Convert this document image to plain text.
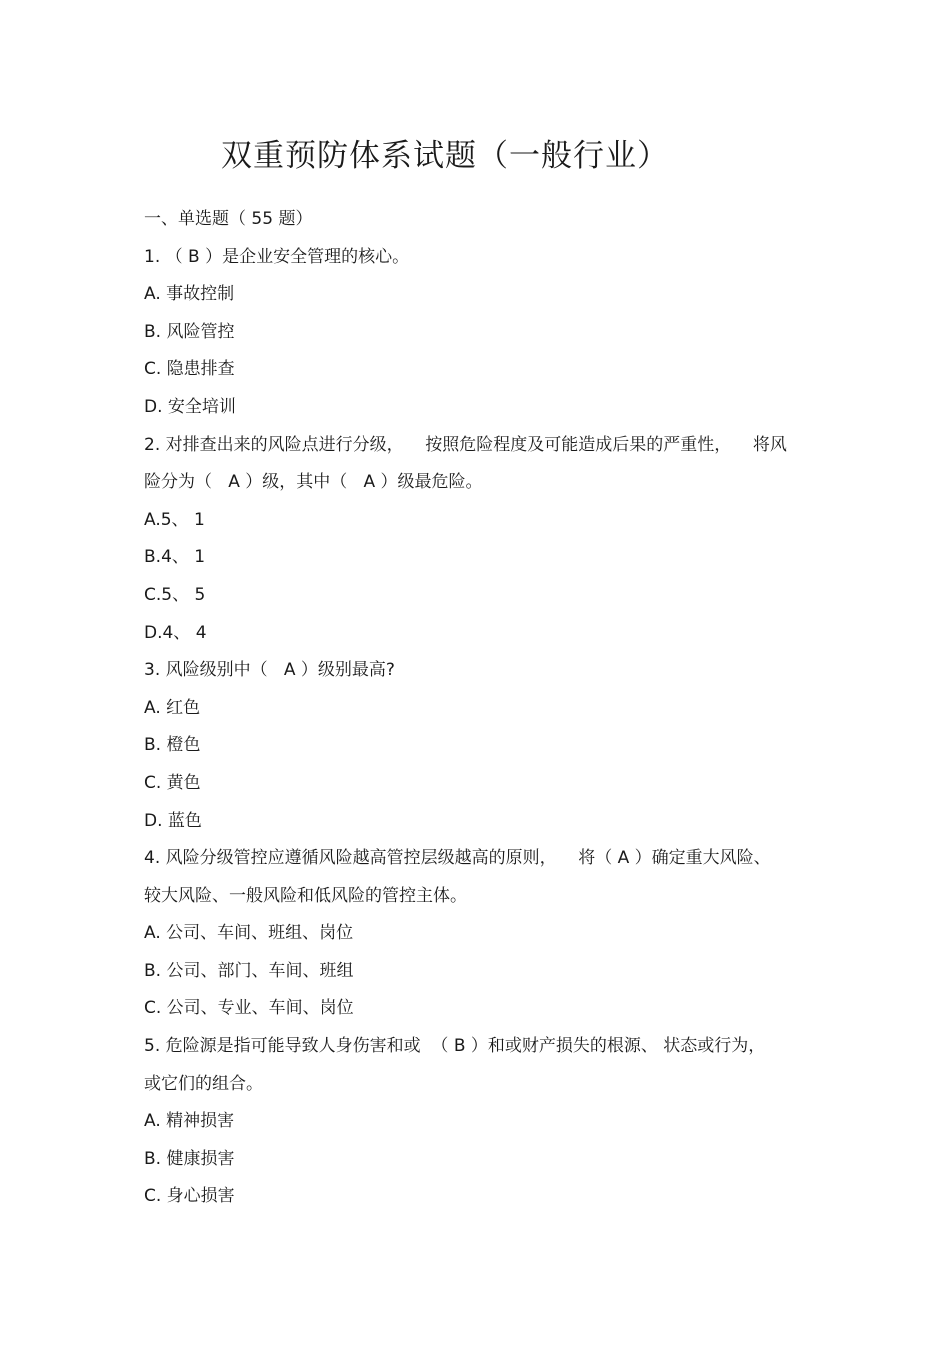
双重预防体系试题（一般行业）
一、单选题（ 55 题）
1. （ B ）是企业安全管理的核心。
A. 事故控制
B. 风险管控
C. 隐患排查
D. 安全培训
2. 对排查出来的风险点进行分级，    按照危险程度及可能造成后果的严重性，    将风
险分为（   A ）级，其中（   A ）级最危险。
A.5、 1
B.4、 1
C.5、 5
D.4、 4
3. 风险级别中（   A ）级别最高?
A. 红色
B. 橙色
C. 黄色
D. 蓝色
4. 风险分级管控应遵循风险越高管控层级越高的原则，    将（ A ）确定重大风险、
较大风险、一般风险和低风险的管控主体。
A. 公司、车间、班组、岗位
B. 公司、部门、车间、班组
C. 公司、专业、车间、岗位
5. 危险源是指可能导致人身伤害和或  （ B ）和或财产损失的根源、 状态或行为，
或它们的组合。
A. 精神损害
B. 健康损害
C. 身心损害
